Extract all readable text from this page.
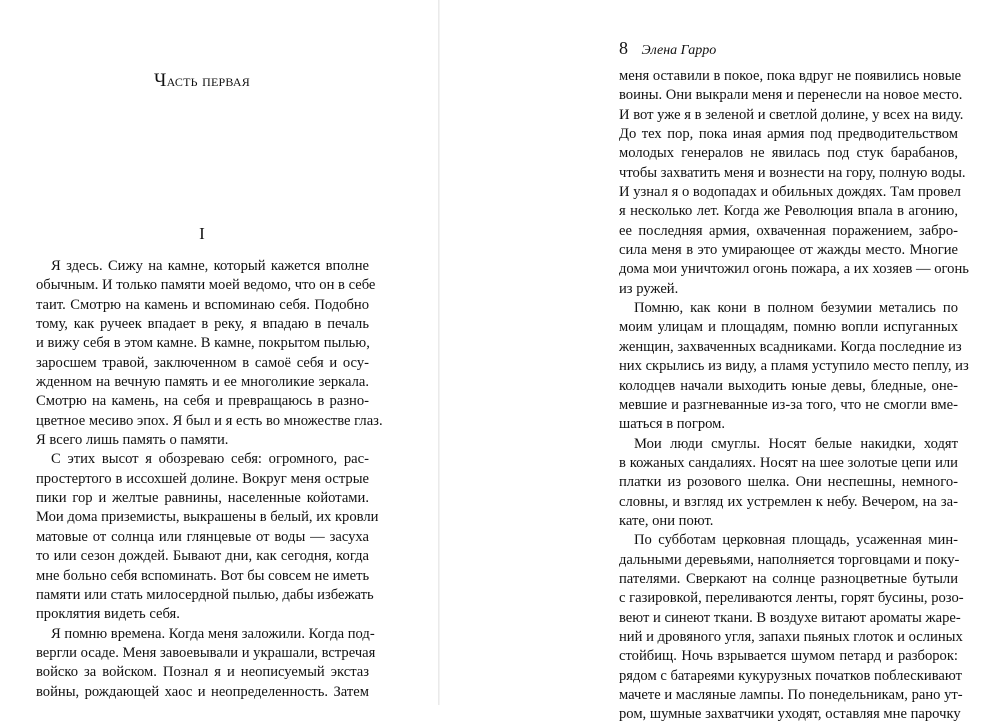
Часть первая
I
Я здесь. Сижу на камне, который кажется вполне
обычным. И только памяти моей ведомо, что он в себе
таит. Смотрю на камень и вспоминаю себя. Подобно
тому, как ручеек впадает в реку, я впадаю в печаль
и вижу себя в этом камне. В камне, покрытом пылью,
заросшем травой, заключенном в самоё себя и осу-
жденном на вечную память и ее многоликие зеркала.
Смотрю на камень, на себя и превращаюсь в разно-
цветное месиво эпох. Я был и я есть во множестве глаз.
Я всего лишь память о памяти.
С этих высот я обозреваю себя: огромного, рас-
простертого в иссохшей долине. Вокруг меня острые
пики гор и желтые равнины, населенные койотами.
Мои дома приземисты, выкрашены в белый, их кровли
матовые от солнца или глянцевые от воды — засуха
то или сезон дождей. Бывают дни, как сегодня, когда
мне больно себя вспоминать. Вот бы совсем не иметь
памяти или стать милосердной пылью, дабы избежать
проклятия видеть себя.
Я помню времена. Когда меня заложили. Когда под-
вергли осаде. Меня завоевывали и украшали, встречая
войско за войском. Познал я и неописуемый экстаз
войны, рождающей хаос и неопределенность. Затем
8 Элена Гарро
меня оставили в покое, пока вдруг не появились новые
воины. Они выкрали меня и перенесли на новое место.
И вот уже я в зеленой и светлой долине, у всех на виду.
До тех пор, пока иная армия под предводительством
молодых генералов не явилась под стук барабанов,
чтобы захватить меня и вознести на гору, полную воды.
И узнал я о водопадах и обильных дождях. Там провел
я несколько лет. Когда же Революция впала в агонию,
ее последняя армия, охваченная поражением, забро-
сила меня в это умирающее от жажды место. Многие
дома мои уничтожил огонь пожара, а их хозяев — огонь
из ружей.
Помню, как кони в полном безумии метались по
моим улицам и площадям, помню вопли испуганных
женщин, захваченных всадниками. Когда последние из
них скрылись из виду, а пламя уступило место пеплу, из
колодцев начали выходить юные девы, бледные, оне-
мевшие и разгневанные из-за того, что не смогли вме-
шаться в погром.
Мои люди смуглы. Носят белые накидки, ходят
в кожаных сандалиях. Носят на шее золотые цепи или
платки из розового шелка. Они неспешны, немного-
словны, и взгляд их устремлен к небу. Вечером, на за-
кате, они поют.
По субботам церковная площадь, усаженная мин-
дальными деревьями, наполняется торговцами и поку-
пателями. Сверкают на солнце разноцветные бутыли
с газировкой, переливаются ленты, горят бусины, розо-
веют и синеют ткани. В воздухе витают ароматы жаре-
ний и дровяного угля, запахи пьяных глоток и ослиных
стойбищ. Ночь взрывается шумом петард и разборок:
рядом с батареями кукурузных початков поблескивают
мачете и масляные лампы. По понедельникам, рано ут-
ром, шумные захватчики уходят, оставляя мне парочку
